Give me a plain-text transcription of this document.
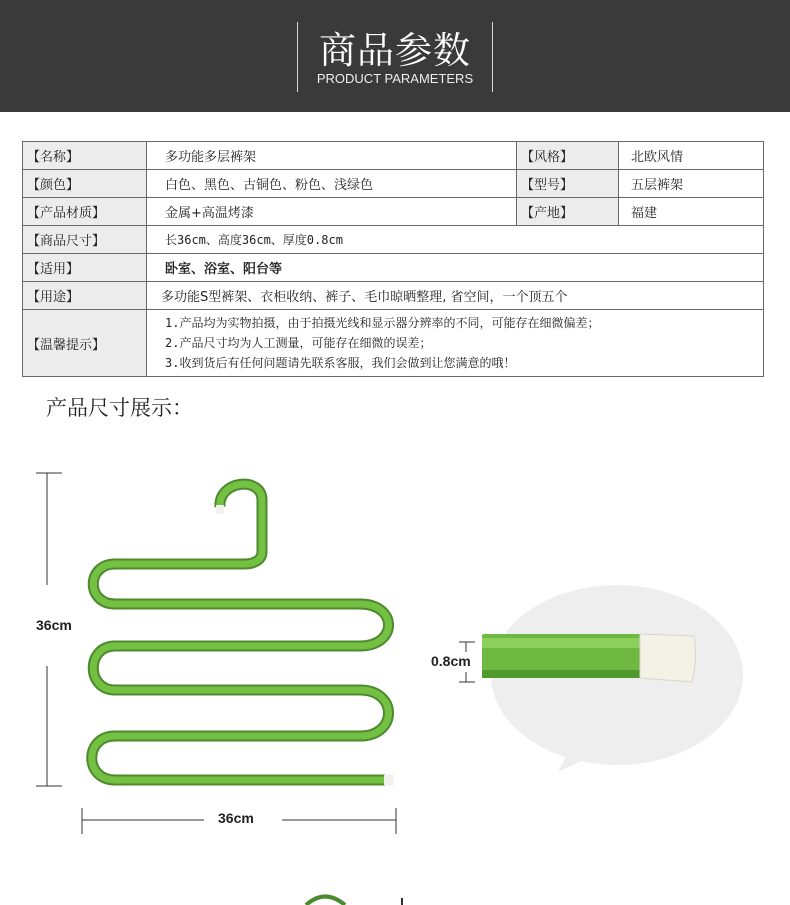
商品参数
PRODUCT PARAMETERS
【名称】	多功能多层裤架	【风格】	北欧风情
【颜色】	白色、黑色、古铜色、粉色、浅绿色	【型号】	五层裤架
【产品材质】	金属+高温烤漆	【产地】	福建
【商品尺寸】	长36cm、高度36cm、厚度0.8cm		
【适用】	卧室、浴室、阳台等		
【用途】	多功能S型裤架、衣柜收纳、裤子、毛巾晾晒整理, 省空间，一个顶五个		
【温馨提示】	1.产品均为实物拍摄，由于拍摄光线和显示器分辨率的不同，可能存在细微偏差；
2.产品尺寸均为人工测量，可能存在细微的误差；
3.收到货后有任何问题请先联系客服，我们会做到让您满意的哦！		
产品尺寸展示：
36cm
36cm
0.8cm
